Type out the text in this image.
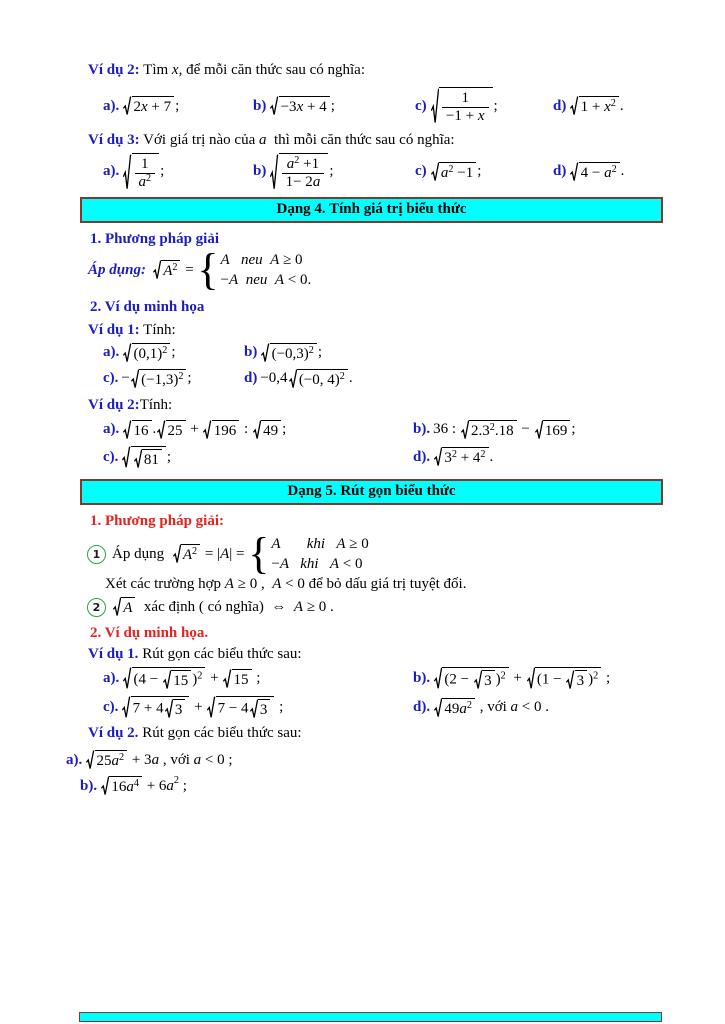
Ví dụ 2: Tìm x , để mỗi căn thức sau có nghĩa:
a). 2x + 7 ;	b) −3x + 4 ;	$c) \frac{1}{-1 + x}$ ;	d) $1 + x^2$ .
Ví dụ 3: Với giá trị nào của a thì mỗi căn thức sau có nghĩa:
a). $\frac{1}{a^2}$ ;	$b) \frac{a^2 +1}{1- 2a}$ ;	c) $a^2 -1$ ;	d) $4 - a^2$ .
Dạng 4. Tính giá trị biểu thức
1. Phương pháp giải
Áp dụng: $A^2$ = { A neu A ≥ 0
−A neu A < 0.
2. Ví dụ minh họa
Ví dụ 1: Tính:
a). $(0,1)^2$ ;	b) $(-0,3)^2$ ;
c). − $(-1,3)^2$ ;	d) −0,4 (−0, 4)$^2$ .
Ví dụ 2: Tính:
a). 16 . 25 + 196 : 49 ;	b). 36 : $2.3^2.18 - 169$ ;
c). 81 ;	d). $3^2 + 4^2$ .
Dạng 5. Rút gọn biểu thức
1. Phương pháp giải:
1 Áp dụng $A^2$ = | A | = { A khi A ≥ 0
−A khi A < 0
Xét các trường hợp A ≥ 0 , A < 0 để bỏ dấu giá trị tuyệt đối.
2	A xác định ( có nghĩa)  ⇔ A ≥ 0 .
2. Ví dụ minh họa.
Ví dụ 1. Rút gọn các biểu thức sau:
a). (4 − 15 )$^2$ + 15 ;	b). (2 − 3 )$^2$ + (1 − 3 )$^2$ ;
c). 7 + 4 3 + 7 − 4 3 ;	d). $49a^2$ , với a < 0 .
Ví dụ 2. Rút gọn các biểu thức sau:
a). $25a^2 + 3$ a , với a < 0 ;
b). $16a^4 + 6$ a 2 ;
